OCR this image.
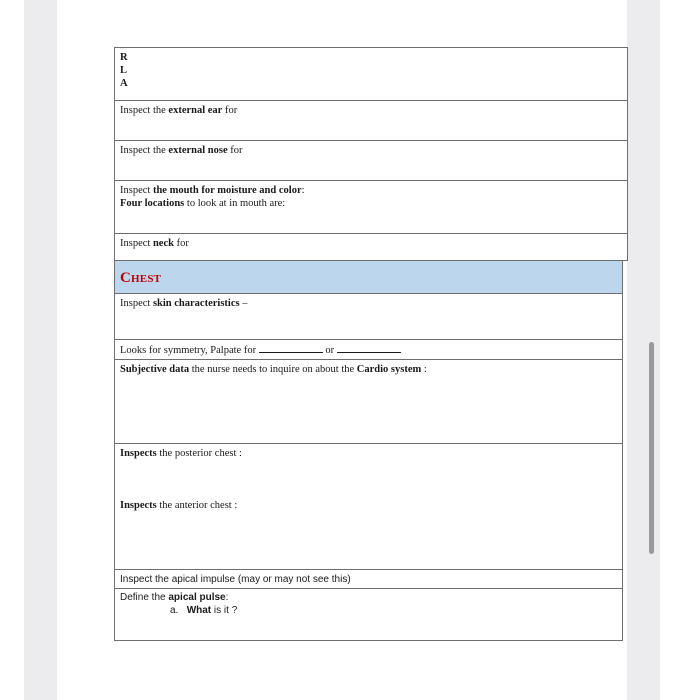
R
L
A
Inspect the external ear for
Inspect the external nose for
Inspect the mouth for moisture and color:
Four locations to look at in mouth are:
Inspect neck for
Chest
Inspect skin characteristics –
Looks for symmetry, Palpate for	or
Subjective data the nurse needs to inquire on about the Cardio system :
Inspects the posterior chest :
Inspects the anterior chest :
Inspect the apical impulse (may or may not see this)
Define the apical pulse:
a. What is it ?
